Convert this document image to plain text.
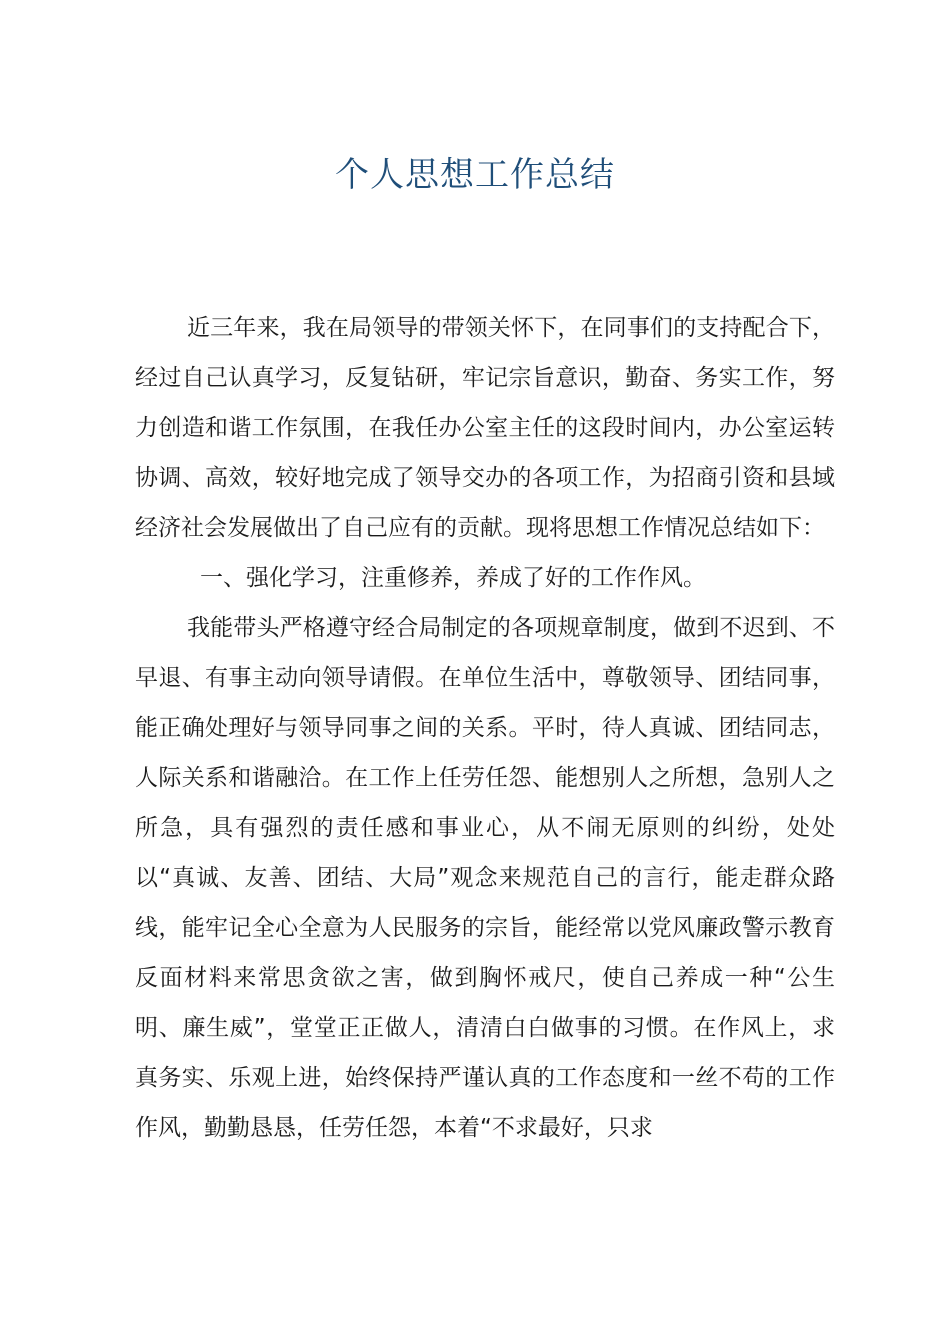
个人思想工作总结

近三年来，我在局领导的带领关怀下，在同事们的支持配合下，经过自己认真学习，反复钻研，牢记宗旨意识，勤奋、务实工作，努力创造和谐工作氛围，在我任办公室主任的这段时间内，办公室运转协调、高效，较好地完成了领导交办的各项工作，为招商引资和县域经济社会发展做出了自己应有的贡献。现将思想工作情况总结如下：

一、强化学习，注重修养，养成了好的工作作风。

我能带头严格遵守经合局制定的各项规章制度，做到不迟到、不早退、有事主动向领导请假。在单位生活中，尊敬领导、团结同事，能正确处理好与领导同事之间的关系。平时，待人真诚、团结同志，人际关系和谐融洽。在工作上任劳任怨、能想别人之所想，急别人之所急，具有强烈的责任感和事业心，从不闹无原则的纠纷，处处以“真诚、友善、团结、大局”观念来规范自己的言行，能走群众路线，能牢记全心全意为人民服务的宗旨，能经常以党风廉政警示教育反面材料来常思贪欲之害，做到胸怀戒尺，使自己养成一种“公生明、廉生威”，堂堂正正做人，清清白白做事的习惯。在作风上，求真务实、乐观上进，始终保持严谨认真的工作态度和一丝不苟的工作作风，勤勤恳恳，任劳任怨，本着“不求最好，只求
